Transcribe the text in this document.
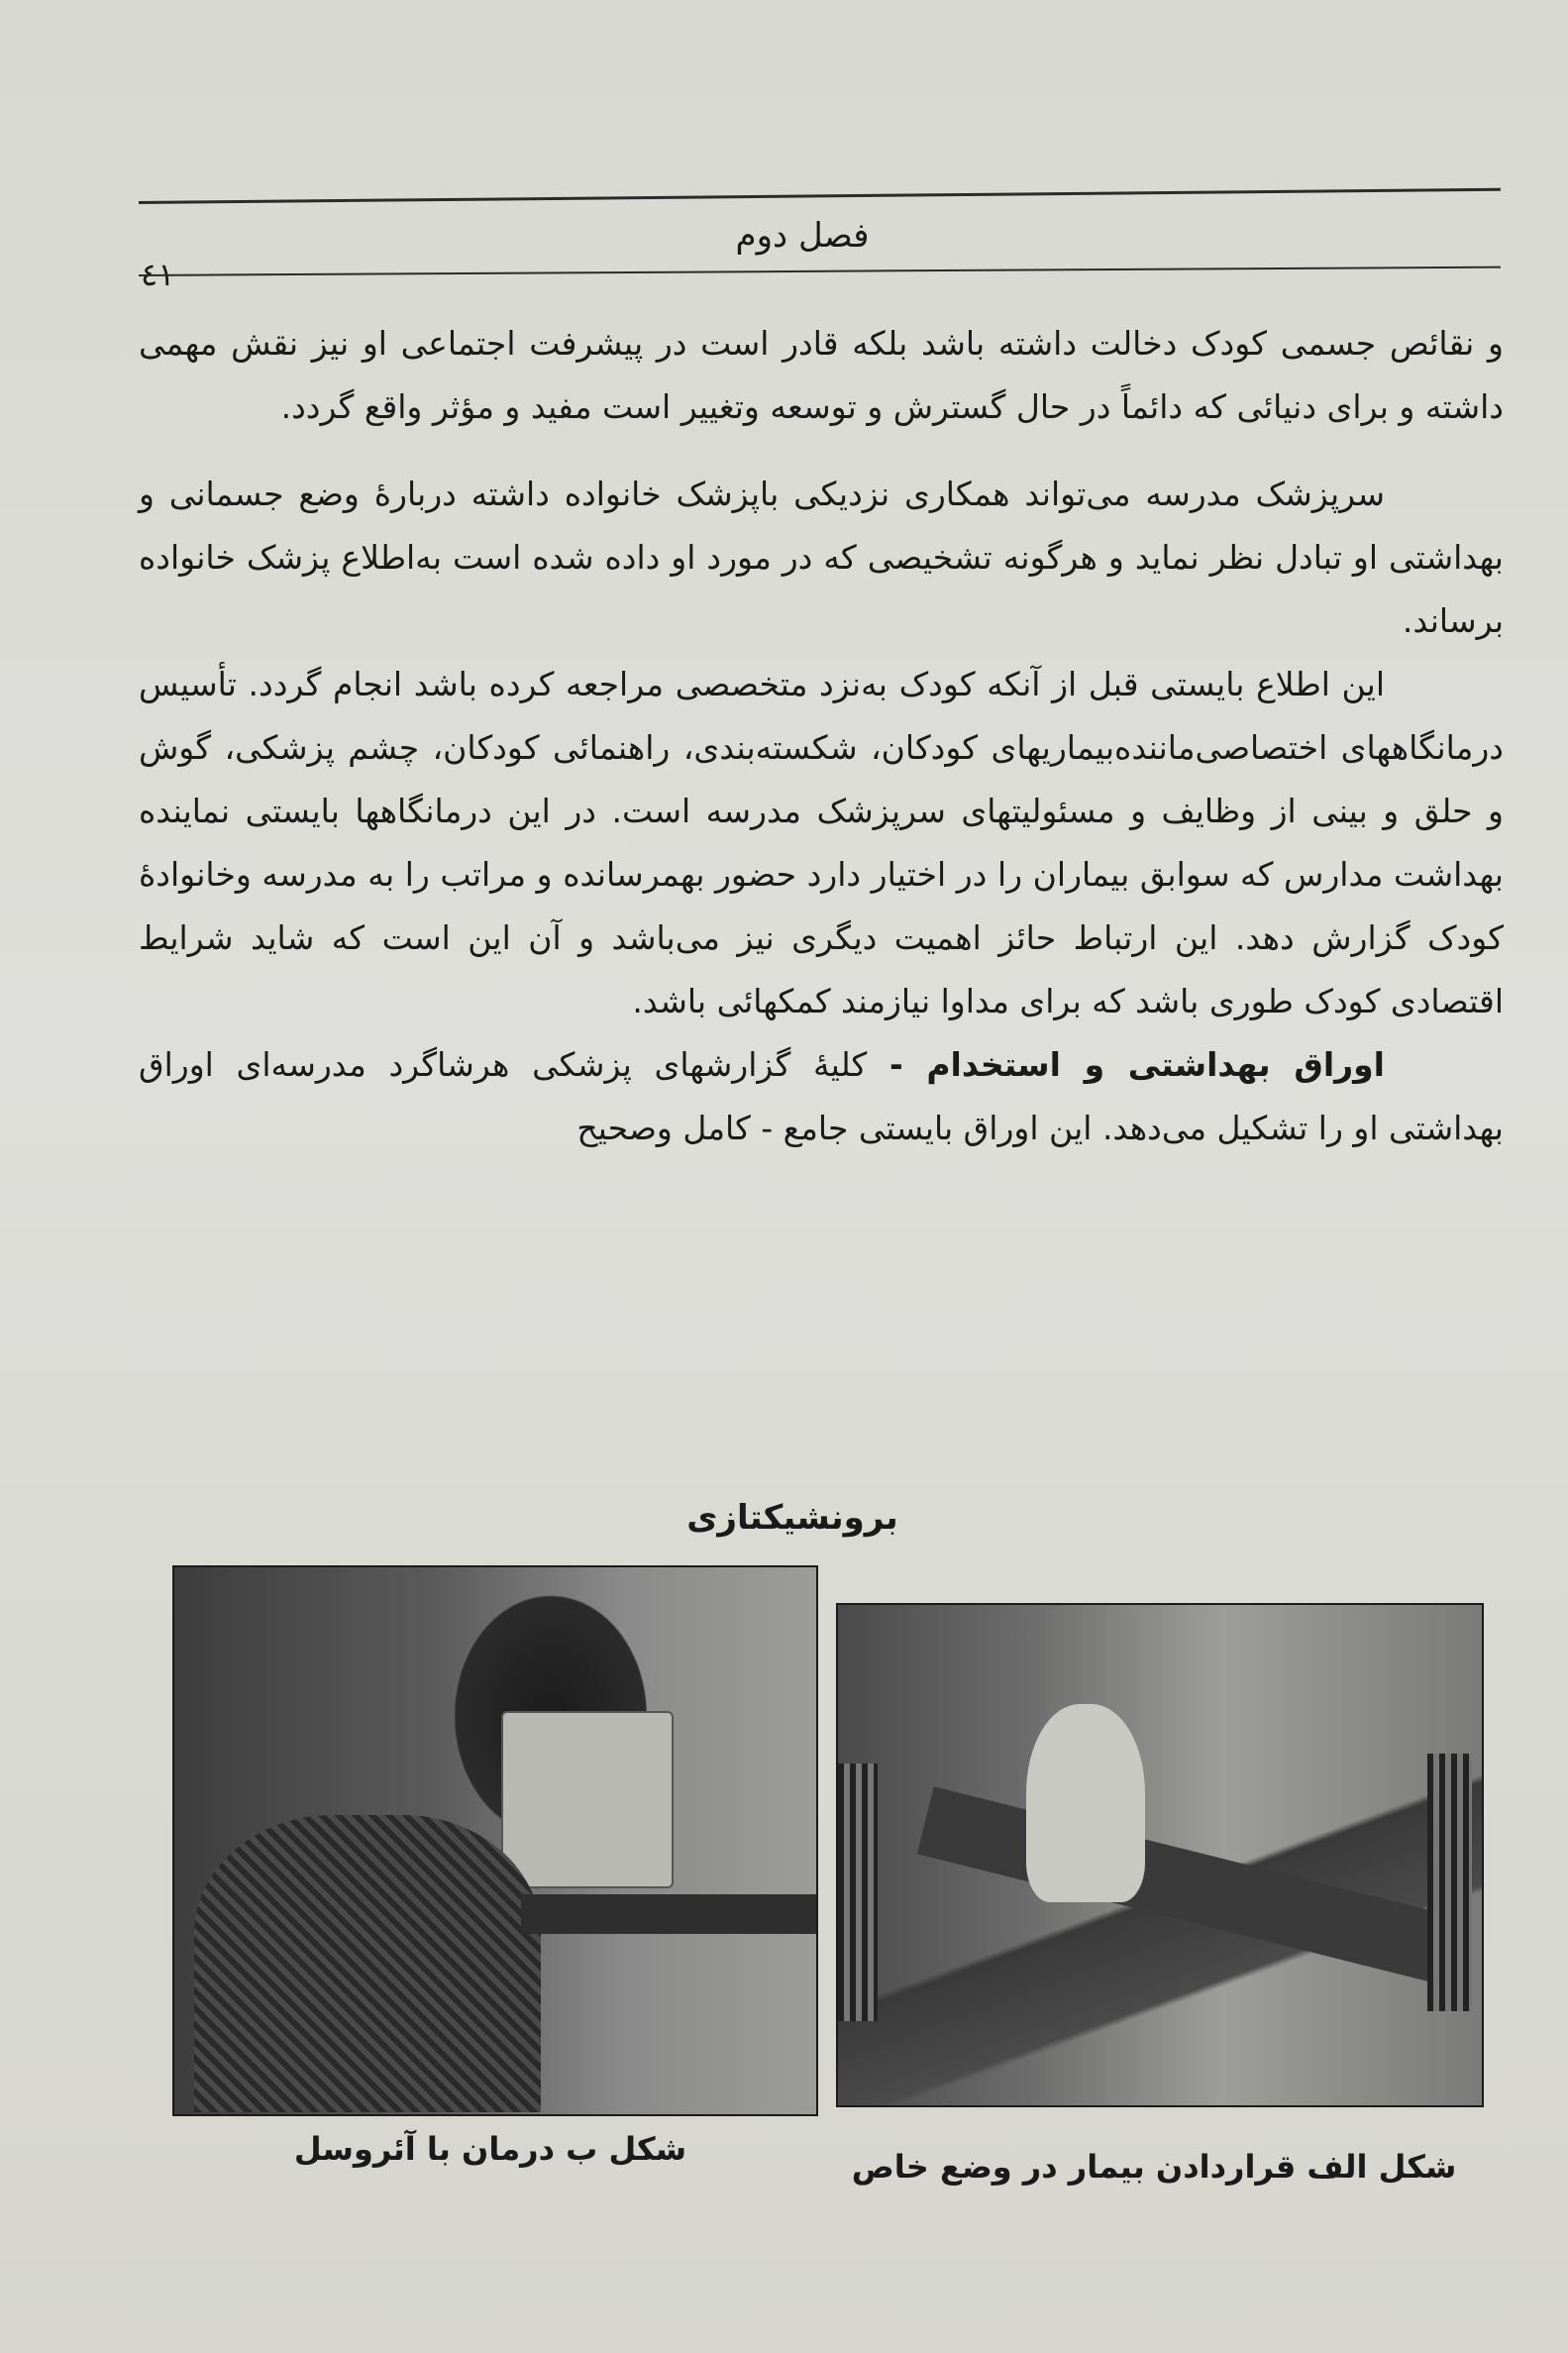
فصل دوم
٤١

و نقائص جسمی کودک دخالت داشته باشد بلکه قادر است در پیشرفت اجتماعی او نیز نقش مهمی داشته و برای دنیائی که دائماً در حال گسترش و توسعه وتغییر است مفید و مؤثر واقع گردد.

سرپزشک مدرسه می‌تواند همکاری نزدیکی باپزشک خانواده داشته دربارهٔ وضع جسمانی و بهداشتی او تبادل نظر نماید و هرگونه تشخیصی که در مورد او داده شده است به‌اطلاع پزشک خانواده برساند.

این اطلاع بایستی قبل از آنکه کودک به‌نزد متخصصی مراجعه کرده باشد انجام گردد. تأسیس درمانگاههای اختصاصی‌ماننده‌بیماریهای کودکان، شکسته‌بندی، راهنمائی کودکان، چشم پزشکی، گوش و حلق و بینی از وظایف و مسئولیتهای سرپزشک مدرسه است. در این درمانگاهها بایستی نماینده بهداشت مدارس که سوابق بیماران را در اختیار دارد حضور بهمرسانده و مراتب را به مدرسه وخانوادهٔ کودک گزارش دهد. این ارتباط حائز اهمیت دیگری نیز می‌باشد و آن این است که شاید شرایط اقتصادی کودک طوری باشد که برای مداوا نیازمند کمکهائی باشد.

اوراق بهداشتی و استخدام - کلیهٔ گزارشهای پزشکی هرشاگرد مدرسه‌ای اوراق بهداشتی او را تشکیل می‌دهد. این اوراق بایستی جامع - کامل وصحیح

برونشیکتازی
شکل ب درمان با آئروسل	شکل الف قراردادن بیمار در وضع خاص
